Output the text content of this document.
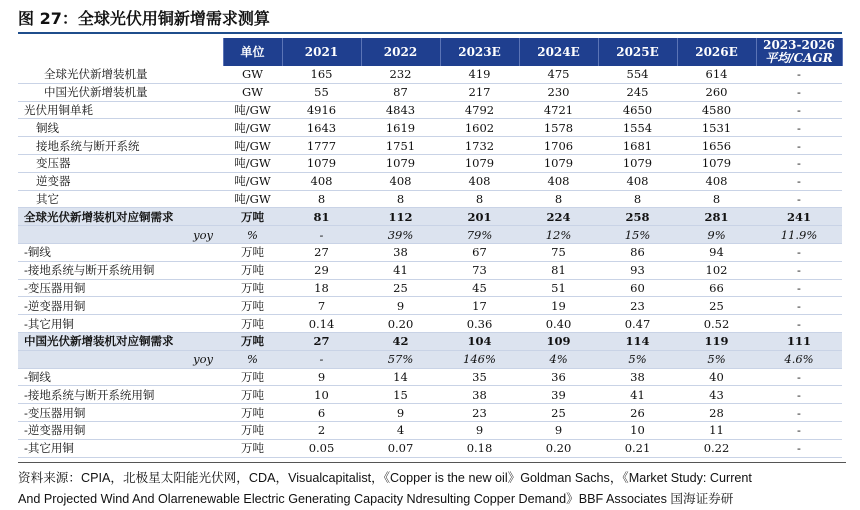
图 27：全球光伏用铜新增需求测算
	单位	2021	2022	2023E	2024E	2025E	2026E	2023-2026
平均/CAGR

全球光伏新增装机量	GW	165	232	419	475	554	614	-
中国光伏新增装机量	GW	55	87	217	230	245	260	-
光伏用铜单耗	吨/GW	4916	4843	4792	4721	4650	4580	-
铜线	吨/GW	1643	1619	1602	1578	1554	1531	-
接地系统与断开系统	吨/GW	1777	1751	1732	1706	1681	1656	-
变压器	吨/GW	1079	1079	1079	1079	1079	1079	-
逆变器	吨/GW	408	408	408	408	408	408	-
其它	吨/GW	8	8	8	8	8	8	-
全球光伏新增装机对应铜需求	万吨	81	112	201	224	258	281	241
yoy	%	-	39%	79%	12%	15%	9%	11.9%
-铜线	万吨	27	38	67	75	86	94	-
-接地系统与断开系统用铜	万吨	29	41	73	81	93	102	-
-变压器用铜	万吨	18	25	45	51	60	66	-
-逆变器用铜	万吨	7	9	17	19	23	25	-
-其它用铜	万吨	0.14	0.20	0.36	0.40	0.47	0.52	-
中国光伏新增装机对应铜需求	万吨	27	42	104	109	114	119	111
yoy	%	-	57%	146%	4%	5%	5%	4.6%
-铜线	万吨	9	14	35	36	38	40	-
-接地系统与断开系统用铜	万吨	10	15	38	39	41	43	-
-变压器用铜	万吨	6	9	23	25	26	28	-
-逆变器用铜	万吨	2	4	9	9	10	11	-
-其它用铜	万吨	0.05	0.07	0.18	0.20	0.21	0.22	-
资料来源：CPIA，北极星太阳能光伏网，CDA，Visualcapitalist，《Copper is the new oil》Goldman Sachs，《Market Study: Current
And Projected Wind And Olarrenewable Electric Generating Capacity Ndresulting Copper Demand》BBF Associates 国海证券研
